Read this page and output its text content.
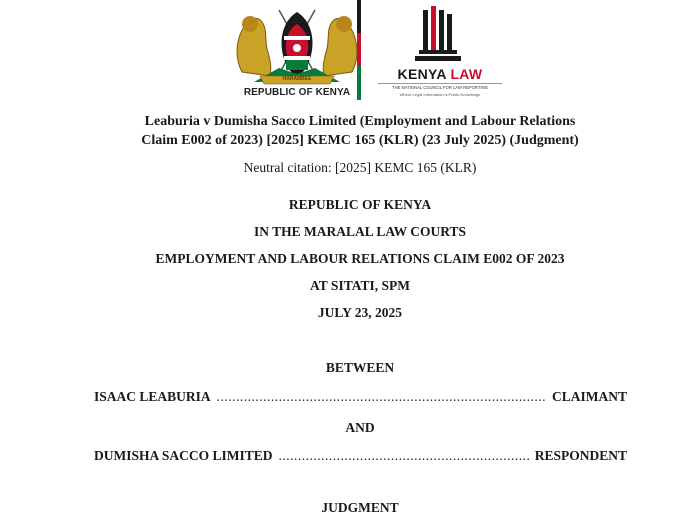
HARAMBEE
REPUBLIC OF KENYA
KENYA LAW
THE NATIONAL COUNCIL FOR LAW REPORTING
Where Legal Information is Public Knowledge
Leaburia v Dumisha Sacco Limited (Employment and Labour Relations
Claim E002 of 2023) [2025] KEMC 165 (KLR) (23 July 2025) (Judgment)
Neutral citation: [2025] KEMC 165 (KLR)
REPUBLIC OF KENYA
IN THE MARALAL LAW COURTS
EMPLOYMENT AND LABOUR RELATIONS CLAIM E002 OF 2023
AT SITATI, SPM
JULY 23, 2025
BETWEEN
ISAAC LEABURIA .....	CLAIMANT
AND
DUMISHA SACCO LIMITED .....	RESPONDENT
JUDGMENT
